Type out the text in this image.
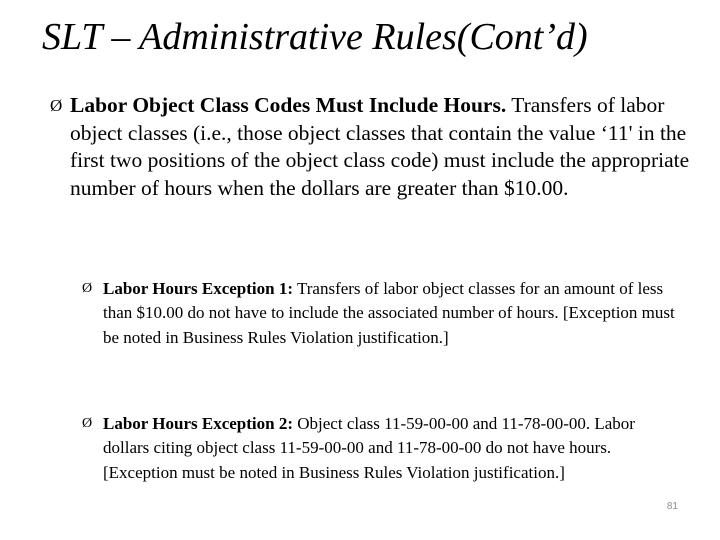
SLT – Administrative Rules(Cont’d)
Ø Labor Object Class Codes Must Include Hours. Transfers of labor object classes (i.e., those object classes that contain the value ‘11' in the first two positions of the object class code) must include the appropriate number of hours when the dollars are greater than $10.00.
Ø Labor Hours Exception 1: Transfers of labor object classes for an amount of less than $10.00 do not have to include the associated number of hours. [Exception must be noted in Business Rules Violation justification.]
Ø Labor Hours Exception 2: Object class 11-59-00-00 and 11-78-00-00. Labor dollars citing object class 11-59-00-00 and 11-78-00-00 do not have hours. [Exception must be noted in Business Rules Violation justification.]
81
